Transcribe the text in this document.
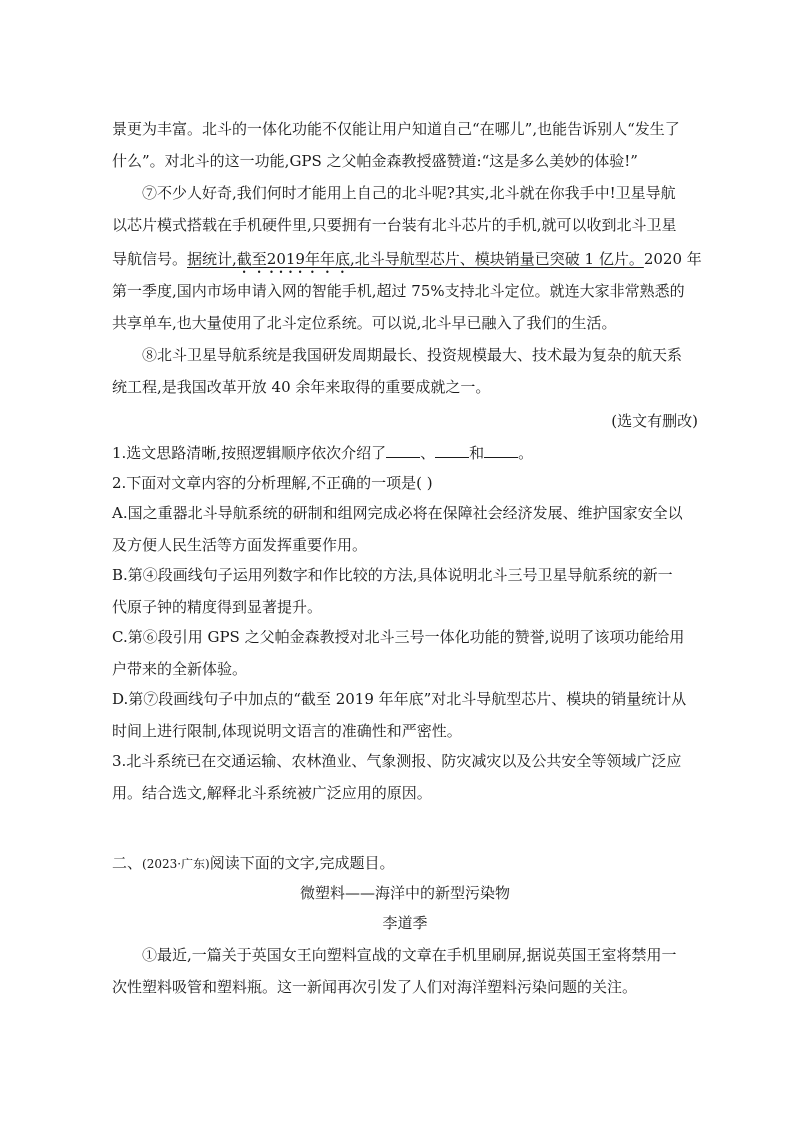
景更为丰富。北斗的一体化功能不仅能让用户知道自己“在哪儿”,也能告诉别人“发生了
什么”。对北斗的这一功能,GPS 之父帕金森教授盛赞道:“这是多么美妙的体验!”
⑦不少人好奇,我们何时才能用上自己的北斗呢?其实,北斗就在你我手中!卫星导航
以芯片模式搭载在手机硬件里,只要拥有一台装有北斗芯片的手机,就可以收到北斗卫星
导航信号。据统计,截至2019年年底,北斗导航型芯片、模块销量已突破 1 亿片。2020 年
第一季度,国内市场申请入网的智能手机,超过 75%支持北斗定位。就连大家非常熟悉的
共享单车,也大量使用了北斗定位系统。可以说,北斗早已融入了我们的生活。
⑧北斗卫星导航系统是我国研发周期最长、投资规模最大、技术最为复杂的航天系
统工程,是我国改革开放 40 余年来取得的重要成就之一。
(选文有删改)
1.选文思路清晰,按照逻辑顺序依次介绍了 、 和 。
2.下面对文章内容的分析理解,不正确的一项是( )
A.国之重器北斗导航系统的研制和组网完成必将在保障社会经济发展、维护国家安全以
及方便人民生活等方面发挥重要作用。
B.第④段画线句子运用列数字和作比较的方法,具体说明北斗三号卫星导航系统的新一
代原子钟的精度得到显著提升。
C.第⑥段引用 GPS 之父帕金森教授对北斗三号一体化功能的赞誉,说明了该项功能给用
户带来的全新体验。
D.第⑦段画线句子中加点的“截至 2019 年年底”对北斗导航型芯片、模块的销量统计从
时间上进行限制,体现说明文语言的准确性和严密性。
3.北斗系统已在交通运输、农林渔业、气象测报、防灾减灾以及公共安全等领域广泛应
用。结合选文,解释北斗系统被广泛应用的原因。
二、(2023·广东)阅读下面的文字,完成题目。
微塑料——海洋中的新型污染物
李道季
①最近,一篇关于英国女王向塑料宣战的文章在手机里刷屏,据说英国王室将禁用一
次性塑料吸管和塑料瓶。这一新闻再次引发了人们对海洋塑料污染问题的关注。
